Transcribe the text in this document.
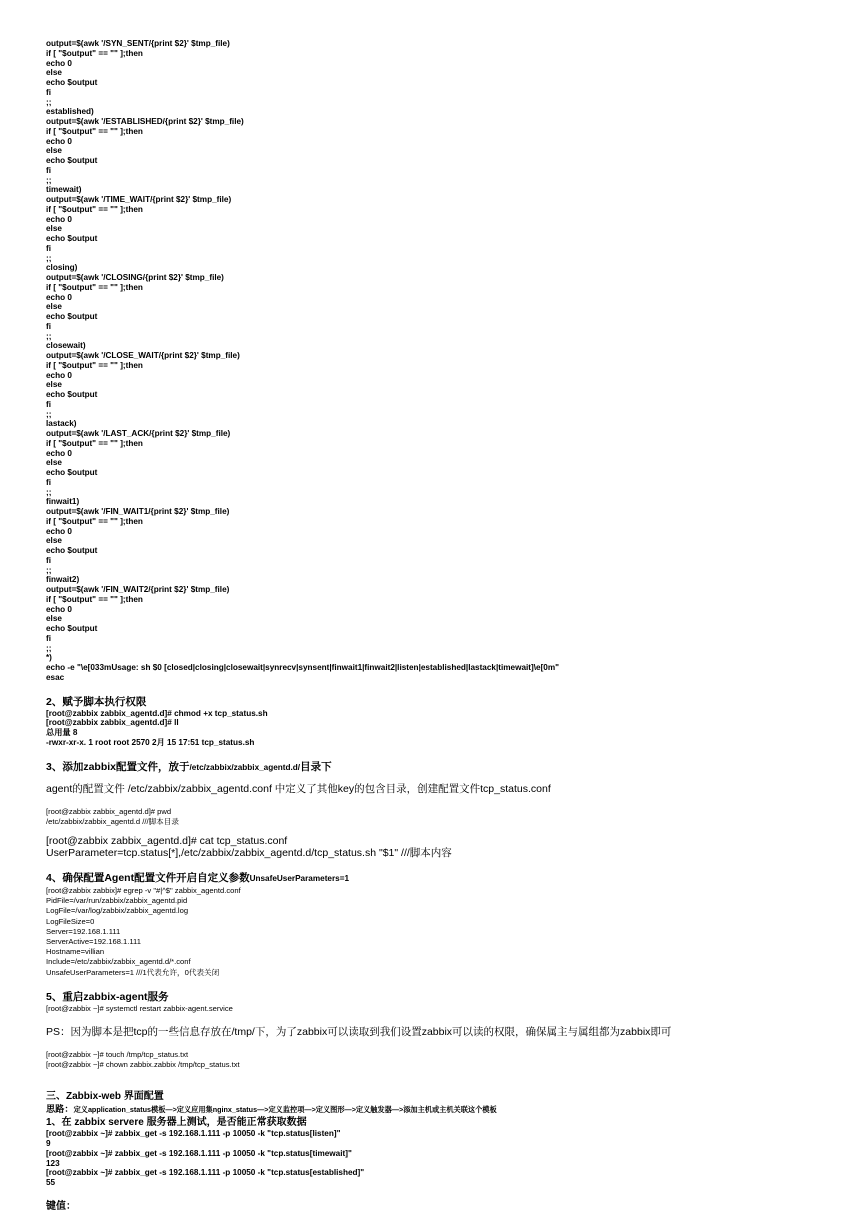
output=$(awk '/SYN_SENT/{print $2}' $tmp_file)
if [ "$output" == "" ];then
echo 0
else
echo $output
fi
;;
established)
output=$(awk '/ESTABLISHED/{print $2}' $tmp_file)
if [ "$output" == "" ];then
echo 0
else
echo $output
fi
;;
timewait)
output=$(awk '/TIME_WAIT/{print $2}' $tmp_file)
if [ "$output" == "" ];then
echo 0
else
echo $output
fi
;;
closing)
output=$(awk '/CLOSING/{print $2}' $tmp_file)
if [ "$output" == "" ];then
echo 0
else
echo $output
fi
;;
closewait)
output=$(awk '/CLOSE_WAIT/{print $2}' $tmp_file)
if [ "$output" == "" ];then
echo 0
else
echo $output
fi
;;
lastack)
output=$(awk '/LAST_ACK/{print $2}' $tmp_file)
if [ "$output" == "" ];then
echo 0
else
echo $output
fi
;;
finwait1)
output=$(awk '/FIN_WAIT1/{print $2}' $tmp_file)
if [ "$output" == "" ];then
echo 0
else
echo $output
fi
;;
finwait2)
output=$(awk '/FIN_WAIT2/{print $2}' $tmp_file)
if [ "$output" == "" ];then
echo 0
else
echo $output
fi
;;
*)
echo -e "\e[033mUsage: sh $0 [closed|closing|closewait|synrecv|synsent|finwait1|finwait2|listen|established|lastack|timewait]\e[0m"
esac
2、赋予脚本执行权限
[root@zabbix zabbix_agentd.d]# chmod +x tcp_status.sh
[root@zabbix zabbix_agentd.d]# ll
总用量 8
-rwxr-xr-x. 1 root root 2570 2月 15 17:51 tcp_status.sh
3、添加zabbix配置文件，放于/etc/zabbix/zabbix_agentd.d/目录下
agent的配置文件 /etc/zabbix/zabbix_agentd.conf 中定义了其他key的包含目录，创建配置文件tcp_status.conf
[root@zabbix zabbix_agentd.d]# pwd
/etc/zabbix/zabbix_agentd.d ///脚本目录
[root@zabbix zabbix_agentd.d]# cat tcp_status.conf
UserParameter=tcp.status[*],/etc/zabbix/zabbix_agentd.d/tcp_status.sh "$1" ///脚本内容
4、确保配置Agent配置文件开启自定义参数UnsafeUserParameters=1
[root@zabbix zabbix]# egrep -v "#|^$" zabbix_agentd.conf
PidFile=/var/run/zabbix/zabbix_agentd.pid
LogFile=/var/log/zabbix/zabbix_agentd.log
LogFileSize=0
Server=192.168.1.111
ServerActive=192.168.1.111
Hostname=villian
Include=/etc/zabbix/zabbix_agentd.d/*.conf
UnsafeUserParameters=1 ///1代表允许，0代表关闭
5、重启zabbix-agent服务
[root@zabbix ~]# systemctl restart zabbix-agent.service
PS：因为脚本是把tcp的一些信息存放在/tmp/下，为了zabbix可以读取到我们设置zabbix可以读的权限，确保属主与属组都为zabbix即可
[root@zabbix ~]# touch /tmp/tcp_status.txt
[root@zabbix ~]# chown zabbix.zabbix /tmp/tcp_status.txt
三、Zabbix-web 界面配置
思路：定义application_status模板—>定义应用集nginx_status—>定义监控项—>定义图形—>定义触发器—>添加主机或主机关联这个模板
1、在 zabbix servere 服务器上测试，是否能正常获取数据
[root@zabbix ~]# zabbix_get -s 192.168.1.111 -p 10050 -k "tcp.status[listen]"
9
[root@zabbix ~]# zabbix_get -s 192.168.1.111 -p 10050 -k "tcp.status[timewait]"
123
[root@zabbix ~]# zabbix_get -s 192.168.1.111 -p 10050 -k "tcp.status[established]"
55
键值：
